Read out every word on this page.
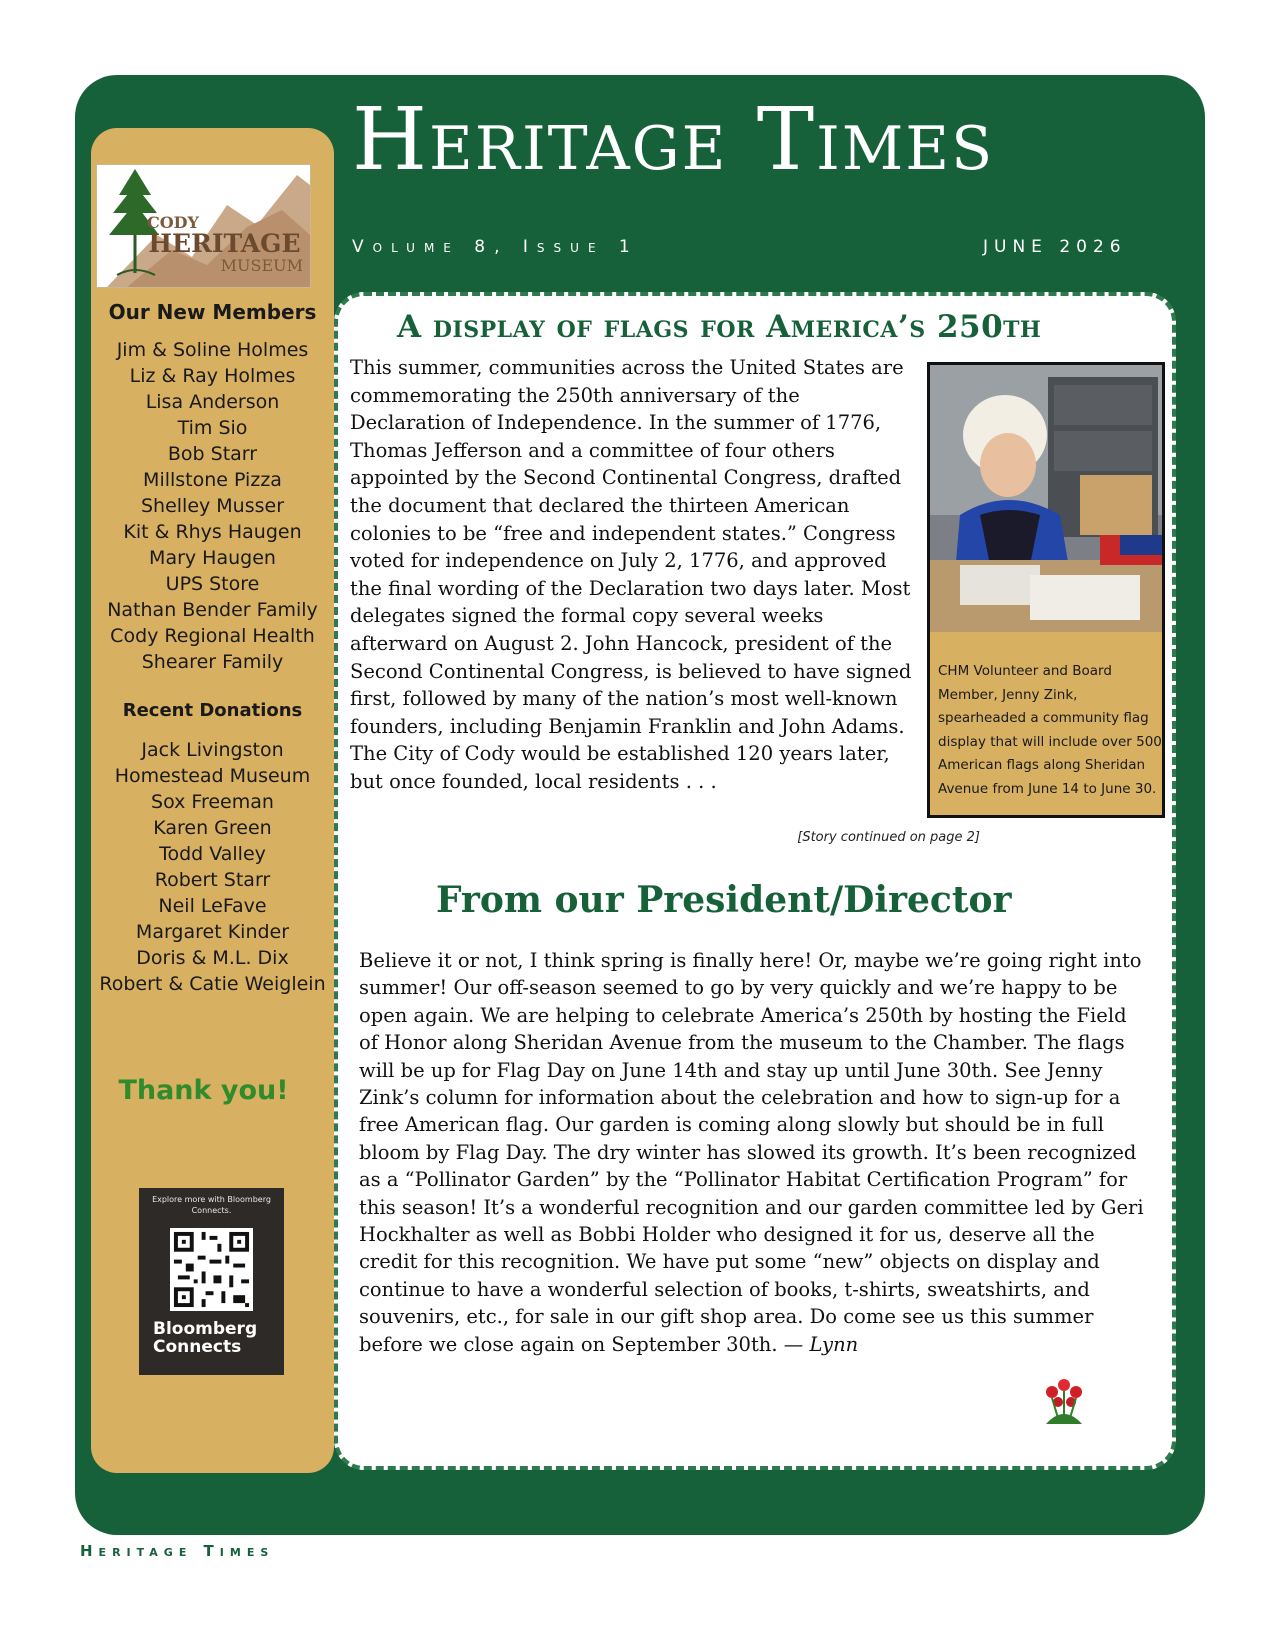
Heritage Times
Volume 8, Issue 1	JUNE 2026
CODY
HERITAGE
MUSEUM
Our New Members
Jim & Soline Holmes
Liz & Ray Holmes
Lisa Anderson
Tim Sio
Bob Starr
Millstone Pizza
Shelley Musser
Kit & Rhys Haugen
Mary Haugen
UPS Store
Nathan Bender Family
Cody Regional Health
Shearer Family
Recent Donations
Jack Livingston
Homestead Museum
Sox Freeman
Karen Green
Todd Valley
Robert Starr
Neil LeFave
Margaret Kinder
Doris & M.L. Dix
Robert & Catie Weiglein
Thank you!
Explore more with Bloomberg Connects.
Bloomberg
Connects
A display of flags for America’s 250th

This summer, communities across the United States are commemorating the 250th anniversary of the Declaration of Independence. In the summer of 1776, Thomas Jefferson and a committee of four others appointed by the Second Continental Congress, drafted the document that declared the thirteen American colonies to be “free and independent states.” Congress voted for independence on July 2, 1776, and approved the final wording of the Declaration two days later. Most delegates signed the formal copy several weeks afterward on August 2. John Hancock, president of the Second Continental Congress, is believed to have signed first, followed by many of the nation’s most well-known founders, including Benjamin Franklin and John Adams. The City of Cody would be established 120 years later, but once founded, local residents . . .

CHM Volunteer and Board Member, Jenny Zink, spearheaded a community flag display that will include over 500 American flags along Sheridan Avenue from June 14 to June 30.
[Story continued on page 2]
From our President/Director

Believe it or not, I think spring is finally here! Or, maybe we’re going right into summer! Our off-season seemed to go by very quickly and we’re happy to be open again. We are helping to celebrate America’s 250th by hosting the Field of Honor along Sheridan Avenue from the museum to the Chamber. The flags will be up for Flag Day on June 14th and stay up until June 30th. See Jenny Zink’s column for information about the celebration and how to sign-up for a free American flag. Our garden is coming along slowly but should be in full bloom by Flag Day. The dry winter has slowed its growth. It’s been recognized as a “Pollinator Garden” by the “Pollinator Habitat Certification Program” for this season! It’s a wonderful recognition and our garden committee led by Geri Hockhalter as well as Bobbi Holder who designed it for us, deserve all the credit for this recognition. We have put some “new” objects on display and continue to have a wonderful selection of books, t-shirts, sweatshirts, and souvenirs, etc., for sale in our gift shop area. Do come see us this summer before we close again on September 30th. — Lynn

Heritage Times
